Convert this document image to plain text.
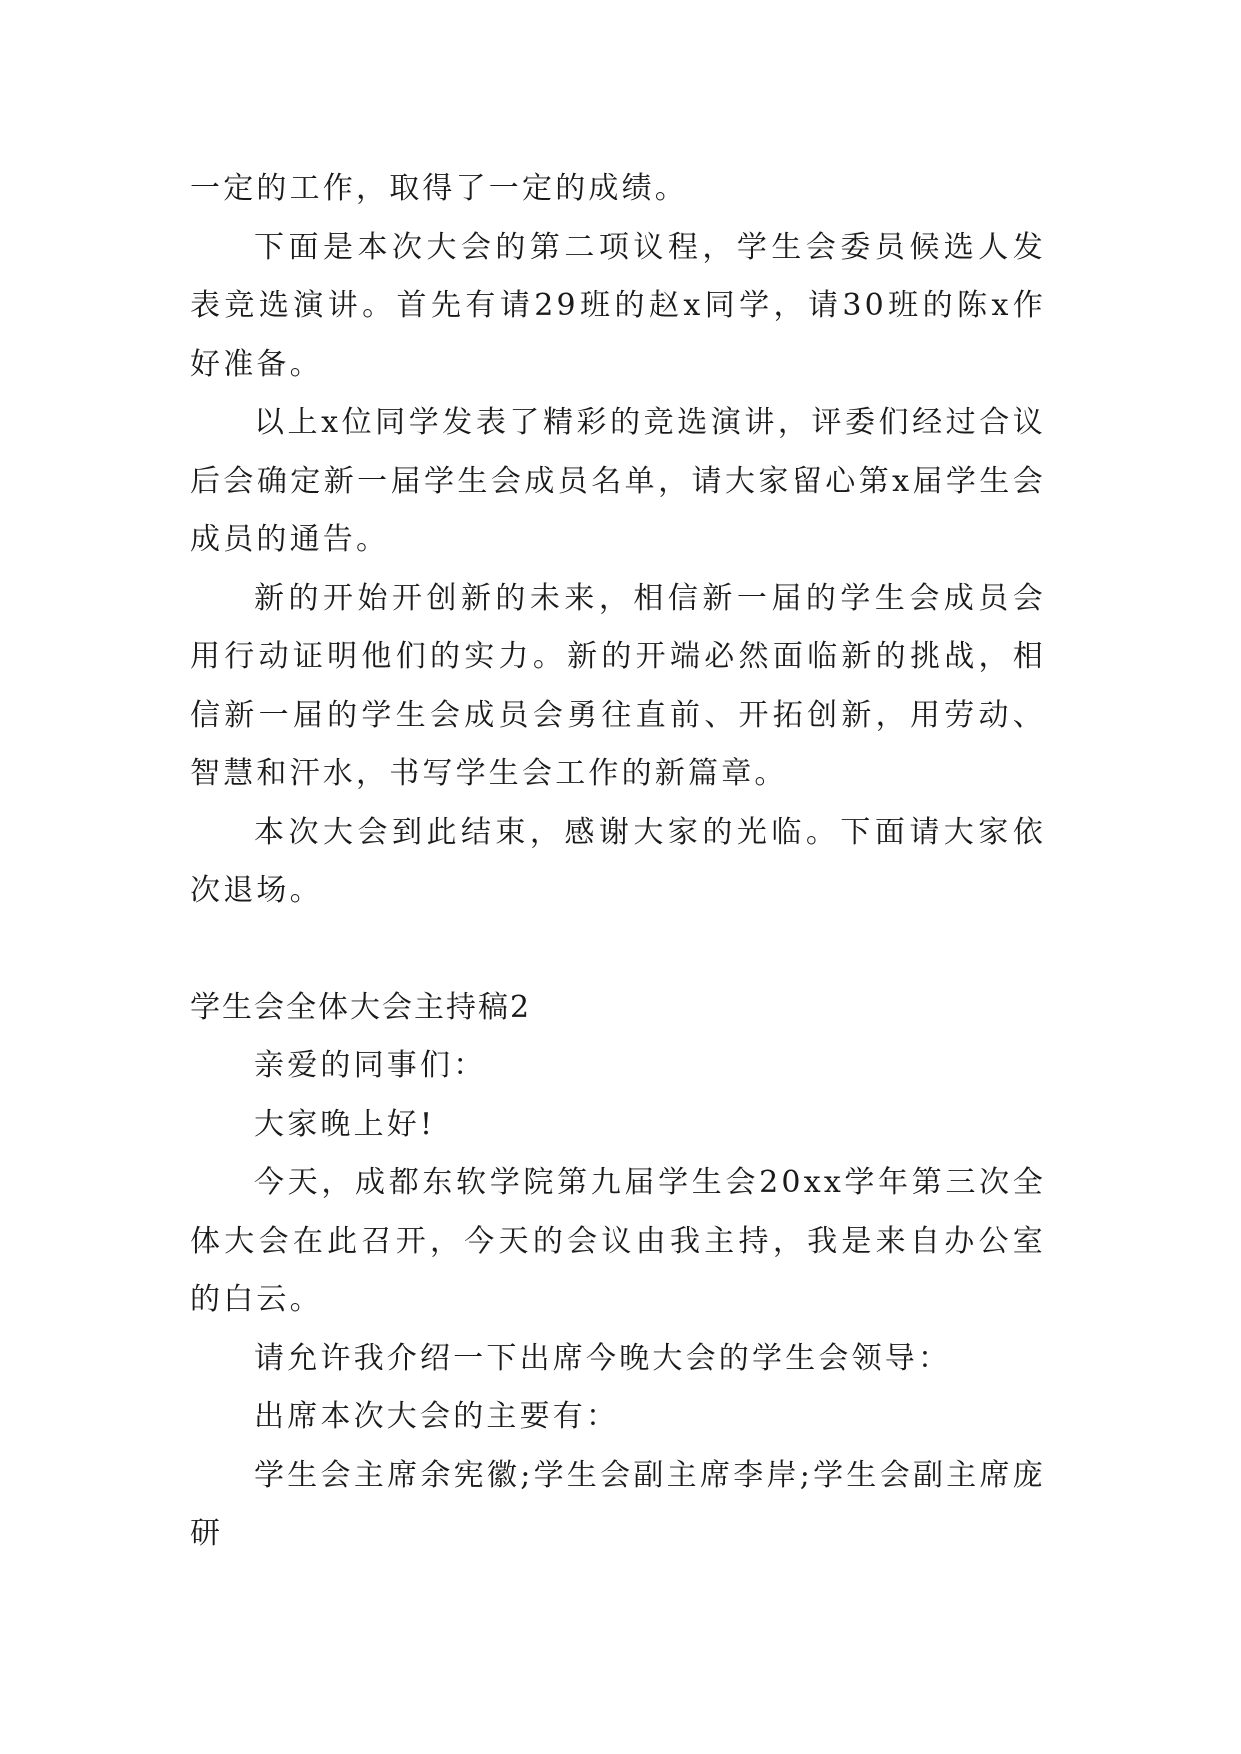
一定的工作，取得了一定的成绩。

下面是本次大会的第二项议程，学生会委员候选人发表竞选演讲。首先有请29班的赵x同学，请30班的陈x作好准备。

以上x位同学发表了精彩的竞选演讲，评委们经过合议后会确定新一届学生会成员名单，请大家留心第x届学生会成员的通告。

新的开始开创新的未来，相信新一届的学生会成员会用行动证明他们的实力。新的开端必然面临新的挑战，相信新一届的学生会成员会勇往直前、开拓创新，用劳动、智慧和汗水，书写学生会工作的新篇章。

本次大会到此结束，感谢大家的光临。下面请大家依次退场。

学生会全体大会主持稿2

亲爱的同事们：

大家晚上好!

今天，成都东软学院第九届学生会20xx学年第三次全体大会在此召开，今天的会议由我主持，我是来自办公室的白云。

请允许我介绍一下出席今晚大会的学生会领导：

出席本次大会的主要有：

学生会主席余宪徽;学生会副主席李岸;学生会副主席庞研
